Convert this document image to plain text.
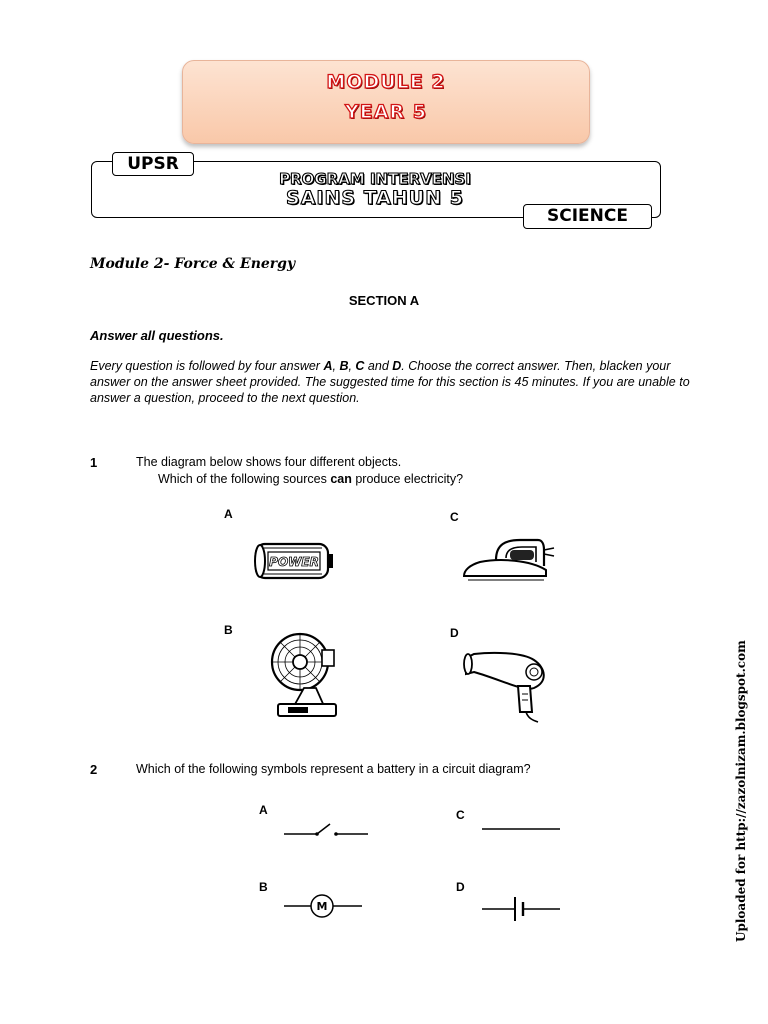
MODULE 2
YEAR 5
UPSR
PROGRAM INTERVENSI
SAINS TAHUN 5
SCIENCE
Module 2- Force & Energy
SECTION A
Answer all questions.
Every question is followed by four answer A, B, C and D. Choose the correct answer. Then, blacken your answer on the answer sheet provided. The suggested time for this section is 45 minutes. If you are unable to answer a question, proceed to the next question.
1	The diagram below shows four different objects.
Which of the following sources can produce electricity?
A	C
B	D
POWER
2	Which of the following symbols represent a battery in a circuit diagram?
A	C
B	D
M	Uploaded for http://zazolnizam.blogspot.com
